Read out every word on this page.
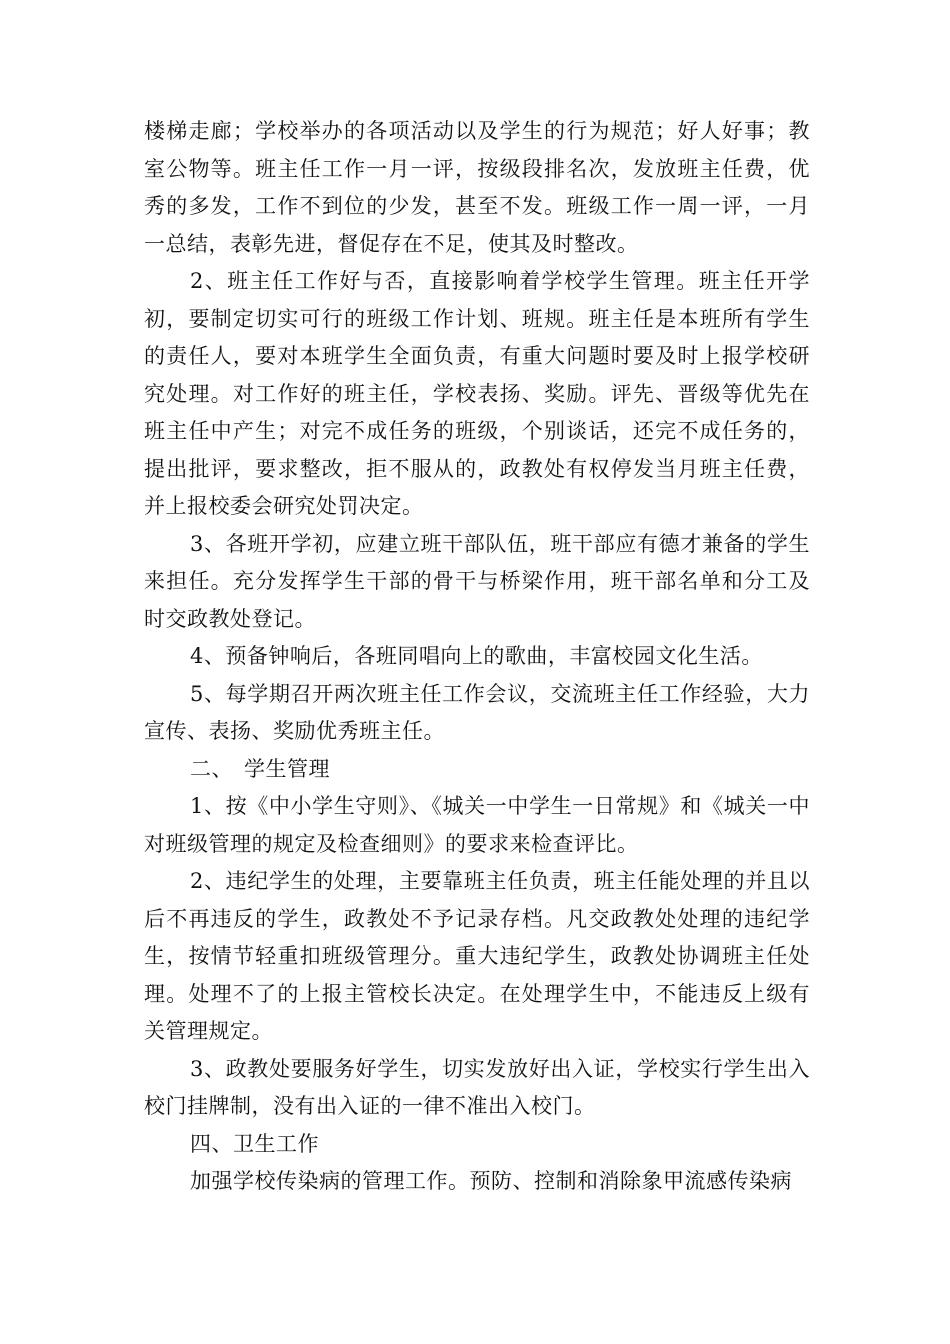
楼梯走廊；学校举办的各项活动以及学生的行为规范；好人好事；教室公物等。班主任工作一月一评，按级段排名次，发放班主任费，优秀的多发，工作不到位的少发，甚至不发。班级工作一周一评，一月一总结，表彰先进，督促存在不足，使其及时整改。

2、班主任工作好与否，直接影响着学校学生管理。班主任开学初，要制定切实可行的班级工作计划、班规。班主任是本班所有学生的责任人，要对本班学生全面负责，有重大问题时要及时上报学校研究处理。对工作好的班主任，学校表扬、奖励。评先、晋级等优先在班主任中产生；对完不成任务的班级，个别谈话，还完不成任务的，提出批评，要求整改，拒不服从的，政教处有权停发当月班主任费，并上报校委会研究处罚决定。

3、各班开学初，应建立班干部队伍，班干部应有德才兼备的学生来担任。充分发挥学生干部的骨干与桥梁作用，班干部名单和分工及时交政教处登记。

4、预备钟响后，各班同唱向上的歌曲，丰富校园文化生活。

5、每学期召开两次班主任工作会议，交流班主任工作经验，大力宣传、表扬、奖励优秀班主任。

二、　学生管理

1、按《中小学生守则》、《城关一中学生一日常规》和《城关一中对班级管理的规定及检查细则》的要求来检查评比。

2、违纪学生的处理，主要靠班主任负责，班主任能处理的并且以后不再违反的学生，政教处不予记录存档。凡交政教处处理的违纪学生，按情节轻重扣班级管理分。重大违纪学生，政教处协调班主任处理。处理不了的上报主管校长决定。在处理学生中，不能违反上级有关管理规定。

3、政教处要服务好学生，切实发放好出入证，学校实行学生出入校门挂牌制，没有出入证的一律不准出入校门。

四、卫生工作

加强学校传染病的管理工作。预防、控制和消除象甲流感传染病
